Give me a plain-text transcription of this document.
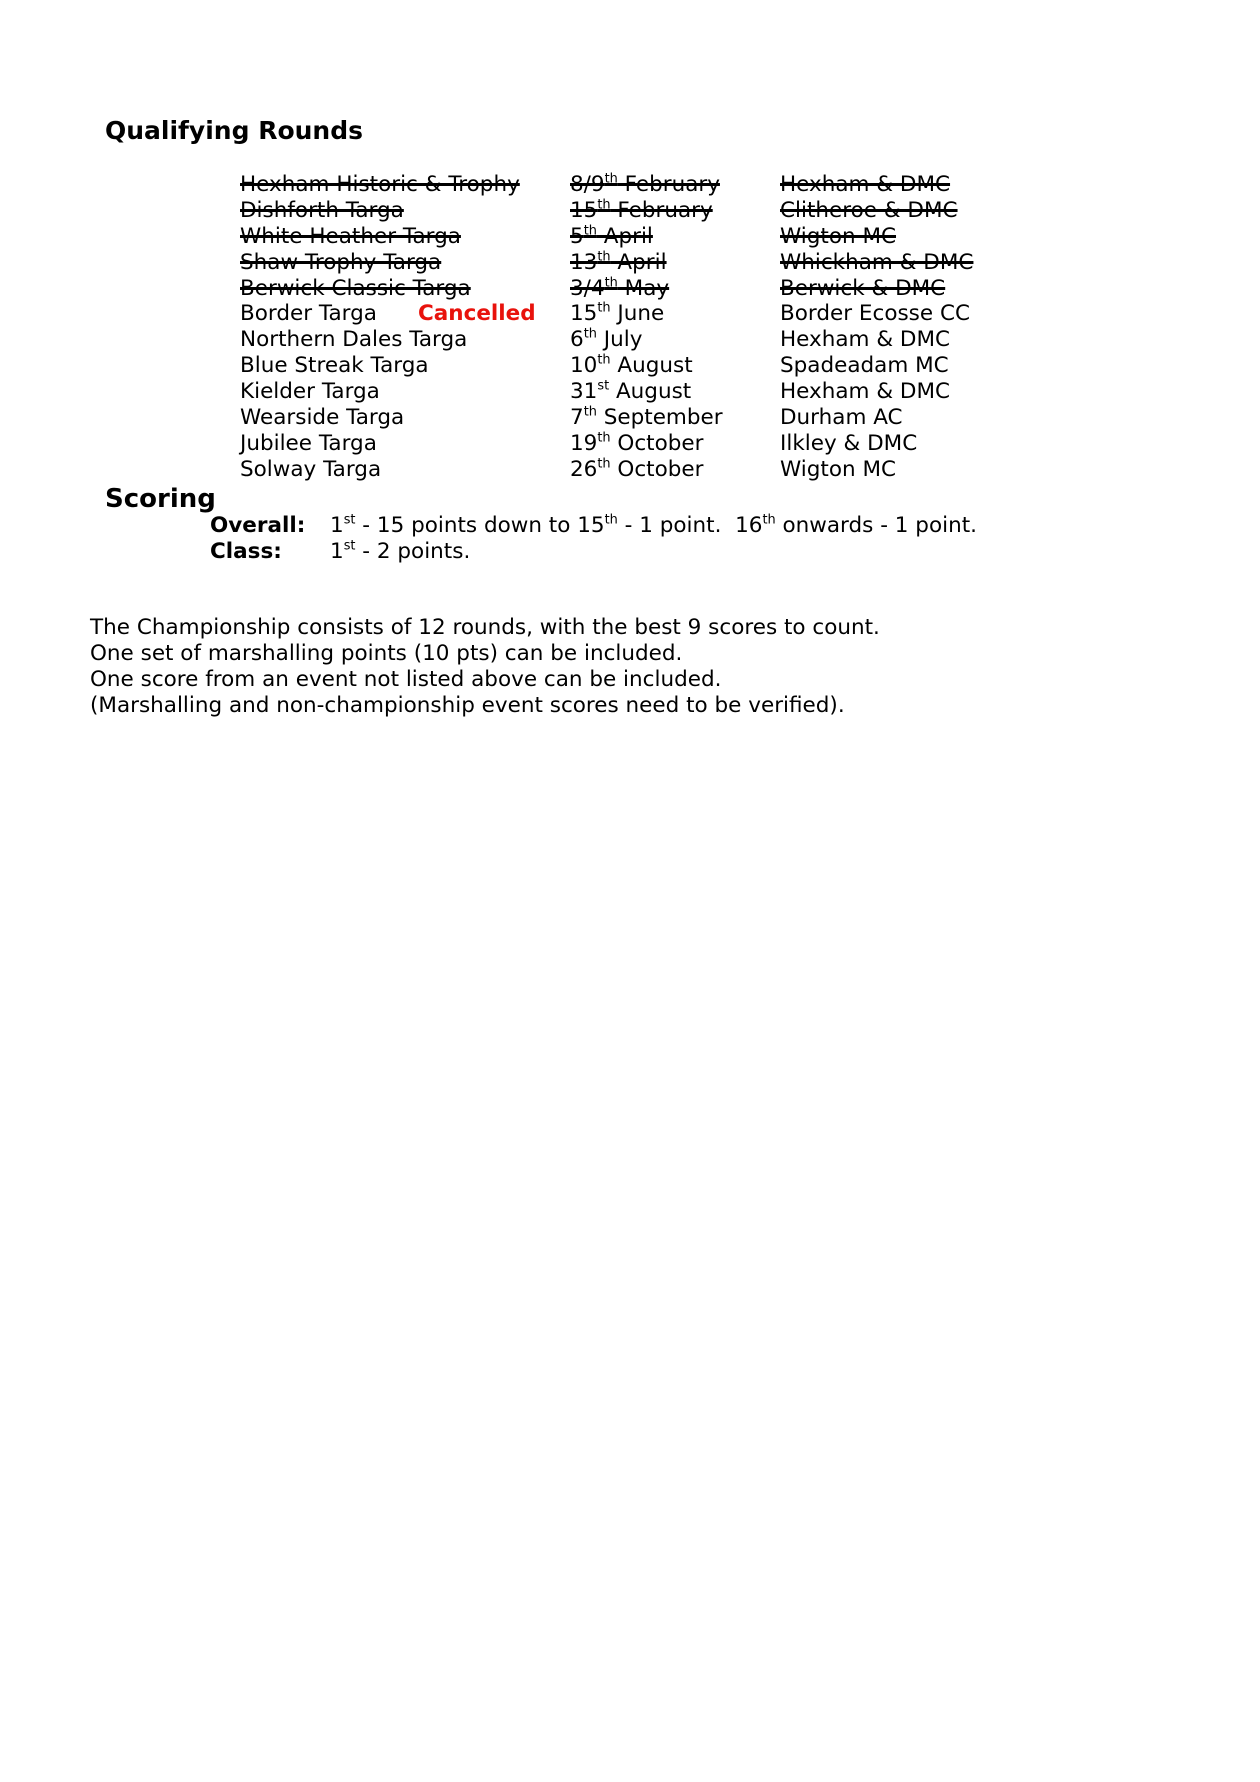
Qualifying Rounds
Hexham Historic & Trophy 8/9th February	Hexham & DMC
Dishforth Targa	15th February	Clitheroe & DMC
White Heather Targa	5th April	Wigton MC
Shaw Trophy Targa	13th April	Whickham & DMC
Berwick Classic Targa	3/4th May	Berwick & DMC
Border Targa Cancelled 15th June	Border Ecosse CC
Northern Dales Targa	6th July	Hexham & DMC
Blue Streak Targa	10th August	Spadeadam MC
Kielder Targa	31st August	Hexham & DMC
Wearside Targa	7th September	Durham AC
Jubilee Targa	19th October	Ilkley & DMC
Solway Targa	26th October	Wigton MC
Scoring
Overall: 1st - 15 points down to 15th - 1 point.  16th onwards - 1 point.
Class: 1st - 2 points.
The Championship consists of 12 rounds, with the best 9 scores to count.
One set of marshalling points (10 pts) can be included.
One score from an event not listed above can be included.
(Marshalling and non-championship event scores need to be verified).
